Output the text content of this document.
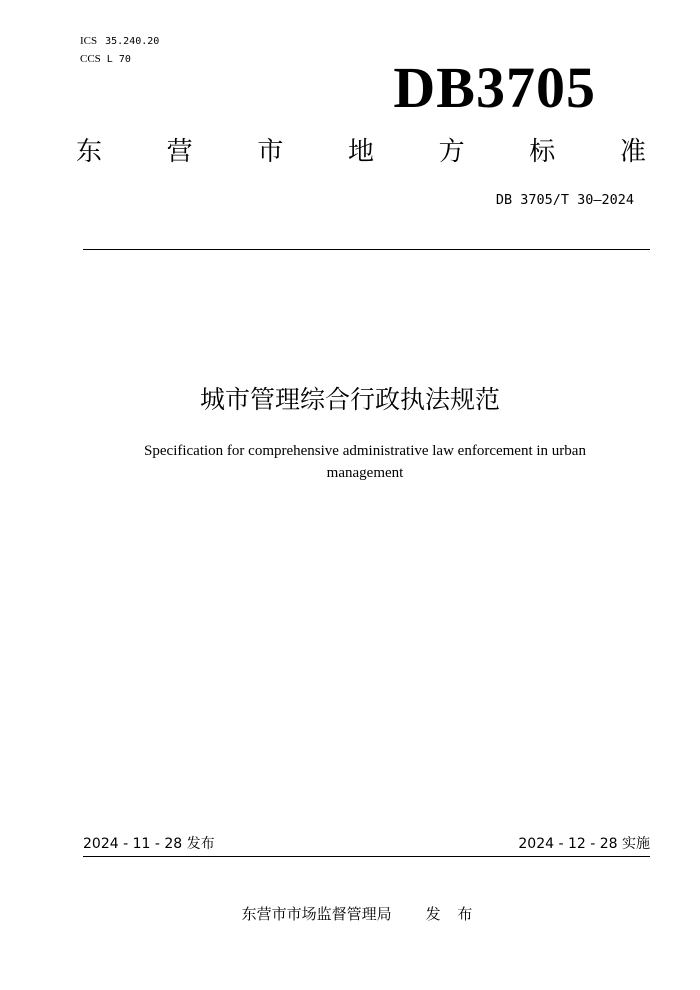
ICS 35.240.20
CCS L 70	DB3705
东 营 市 地 方 标 准
DB 3705/T 30—2024
城市管理综合行政执法规范
Specification for comprehensive administrative law enforcement in urban management
2024 - 11 - 28 发布	2024 - 12 - 28 实施
东营市市场监督管理局 发 布
